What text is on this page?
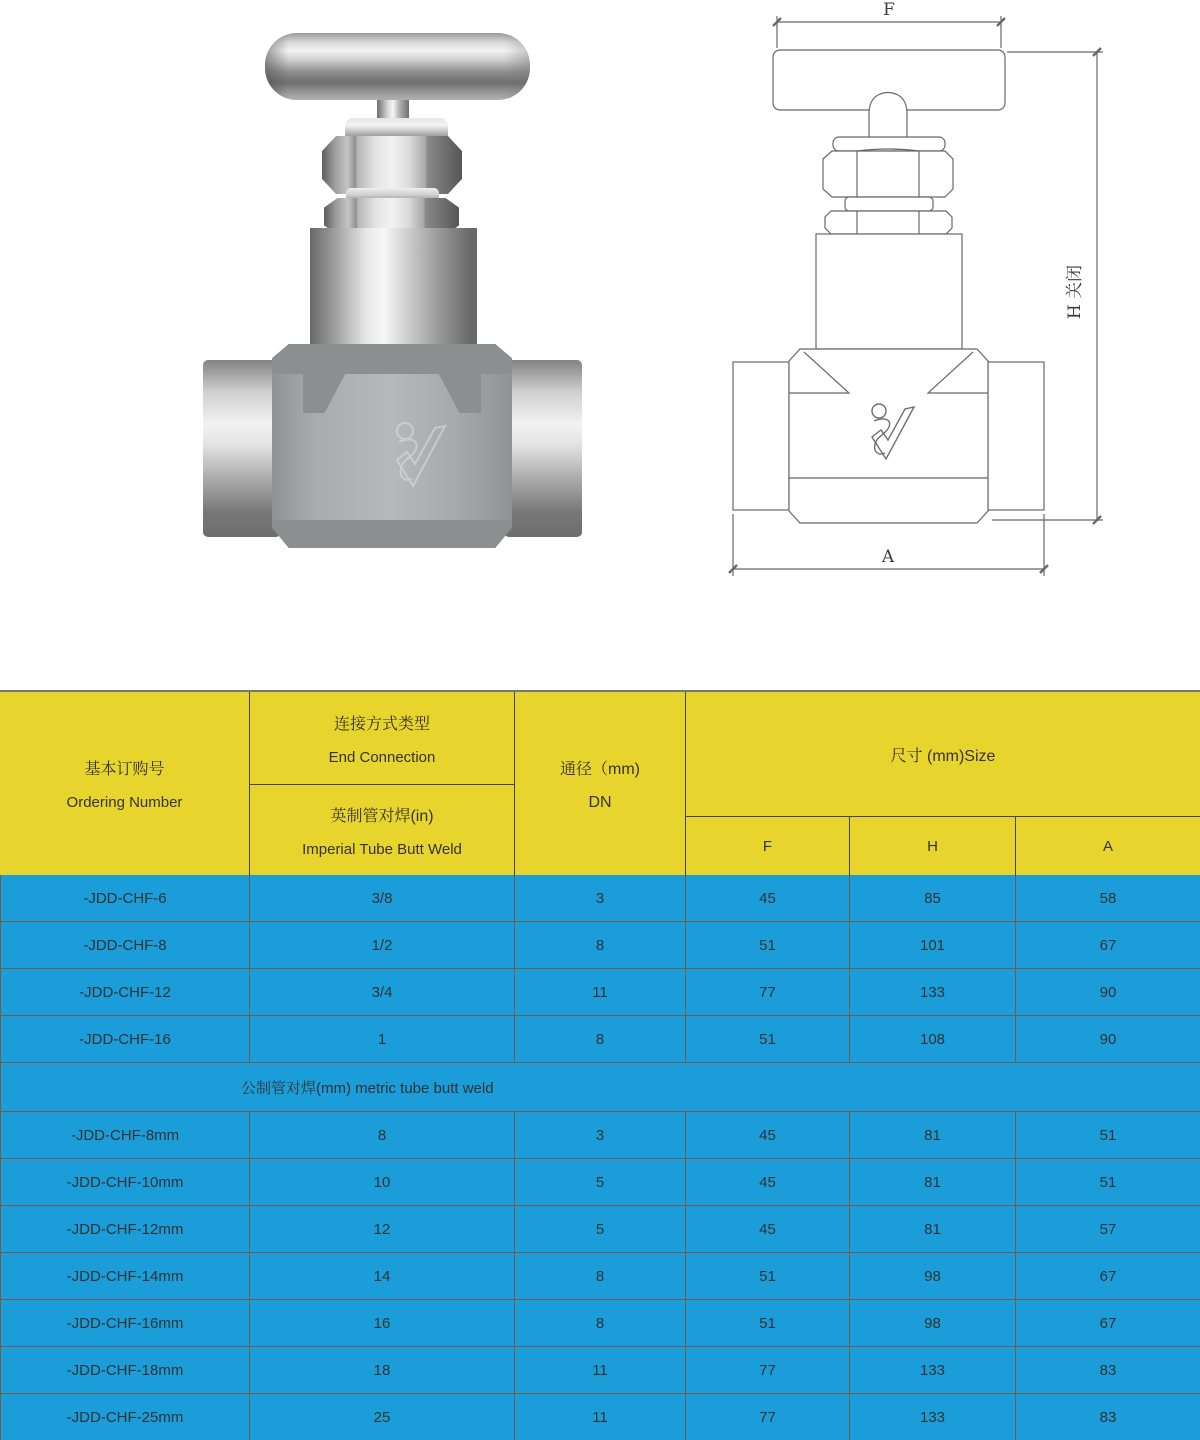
F
A
H 关闭
基本订购号
Ordering Number
连接方式类型
End Connection
英制管对焊(in)
Imperial Tube Butt Weld
通径（mm)
DN
尺寸 (mm)Size
F	H	A
-JDD-CHF-6	3/8	3	45	85	58
-JDD-CHF-8	1/2	8	51	101	67
-JDD-CHF-12	3/4	11	77	133	90
-JDD-CHF-16	1	8	51	108	90
公制管对焊(mm) metric tube butt weld
-JDD-CHF-8mm	8	3	45	81	51
-JDD-CHF-10mm	10	5	45	81	51
-JDD-CHF-12mm	12	5	45	81	57
-JDD-CHF-14mm	14	8	51	98	67
-JDD-CHF-16mm	16	8	51	98	67
-JDD-CHF-18mm	18	11	77	133	83
-JDD-CHF-25mm	25	11	77	133	83
